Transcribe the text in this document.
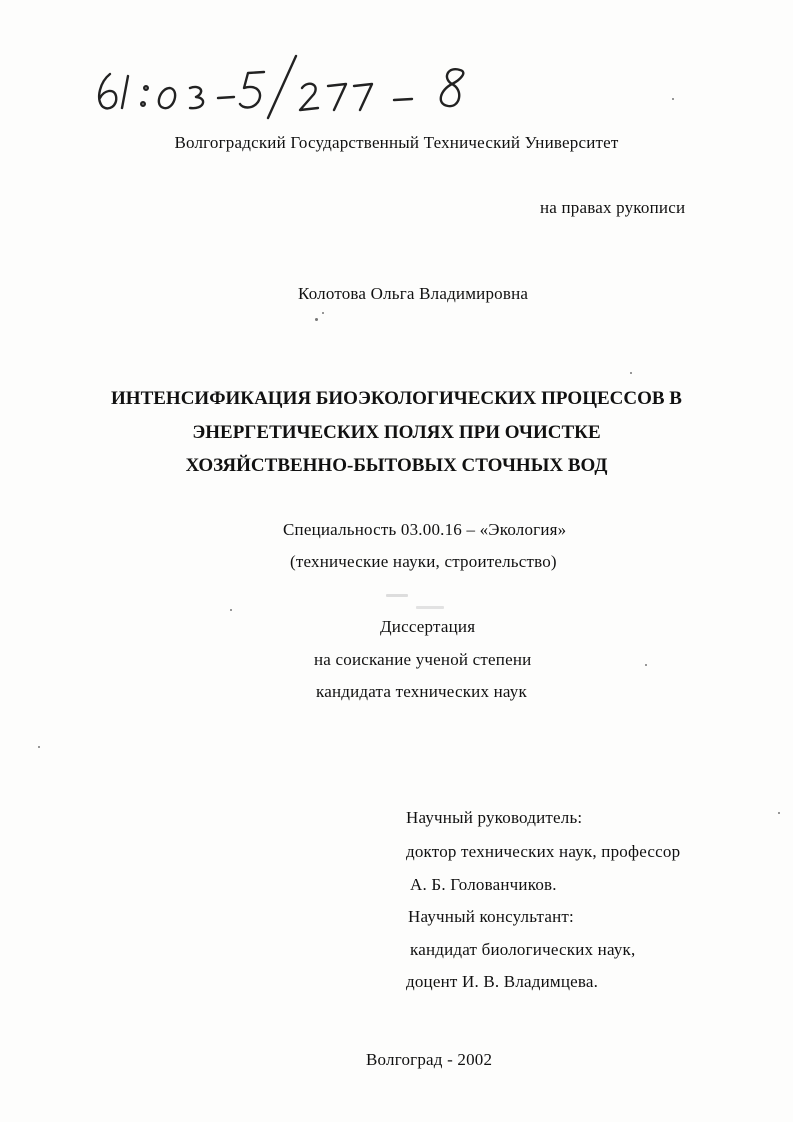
Волгоградский Государственный Технический Университет
на правах рукописи
Колотова Ольга Владимировна
ИНТЕНСИФИКАЦИЯ БИОЭКОЛОГИЧЕСКИХ ПРОЦЕССОВ В
ЭНЕРГЕТИЧЕСКИХ ПОЛЯХ ПРИ ОЧИСТКЕ
ХОЗЯЙСТВЕННО-БЫТОВЫХ СТОЧНЫХ ВОД
Специальность 03.00.16 – «Экология»
(технические науки, строительство)
Диссертация
на соискание ученой степени
кандидата технических наук
Научный руководитель:
доктор технических наук, профессор
А. Б. Голованчиков.
Научный консультант:
кандидат биологических наук,
доцент И. В. Владимцева.
Волгоград - 2002
